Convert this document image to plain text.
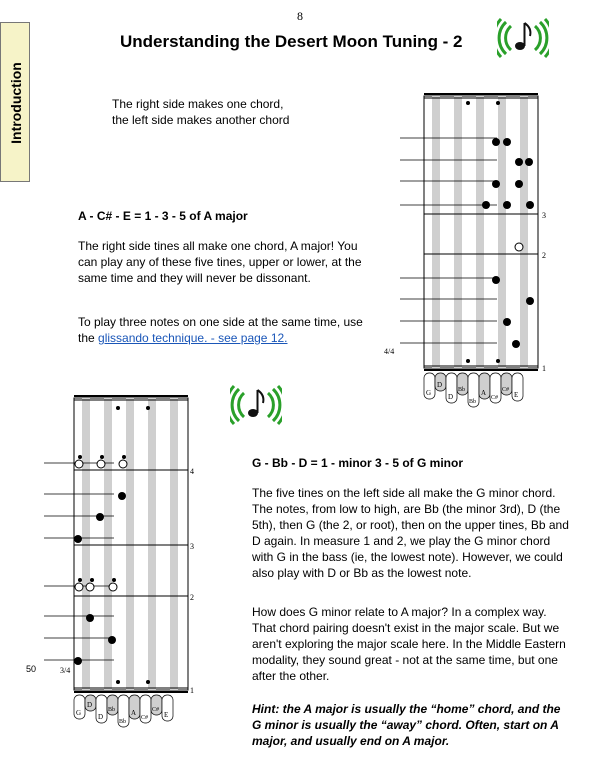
8
Introduction
Understanding the Desert Moon Tuning - 2
The right side makes one chord,
the left side makes another chord
A - C# - E = 1 - 3 - 5 of A major
The right side tines all make one chord, A major! You can play any of these five tines, upper or lower, at the same time and they will never be dissonant.
To play three notes on one side at the same time, use the glissando technique. - see page 12.
G - Bb - D = 1 - minor 3 - 5 of G minor
The five tines on the left side all make the G minor chord. The notes, from low to high, are Bb (the minor 3rd), D (the 5th), then G (the 2, or root), then on the upper tines, Bb and D again. In measure 1 and 2, we play the G minor chord with G in the bass (ie, the lowest note). However, we could also play with D or Bb as the lowest note.
How does G minor relate to A major? In a complex way. That chord pairing doesn't exist in the major scale. But we aren't exploring the major scale here. In the Middle Eastern modality, they sound great - not at the same time, but one after the other.
Hint: the A major is usually the “home” chord, and the G minor is usually the “away” chord. Often, start on A major, and usually end on A major.
50
3
2
1
4/4
G
D
D
Bb
Bb
A
C#
C#
E
4
3
2
1
3/4
G
D
D
Bb
Bb
A
C#
C#
E
